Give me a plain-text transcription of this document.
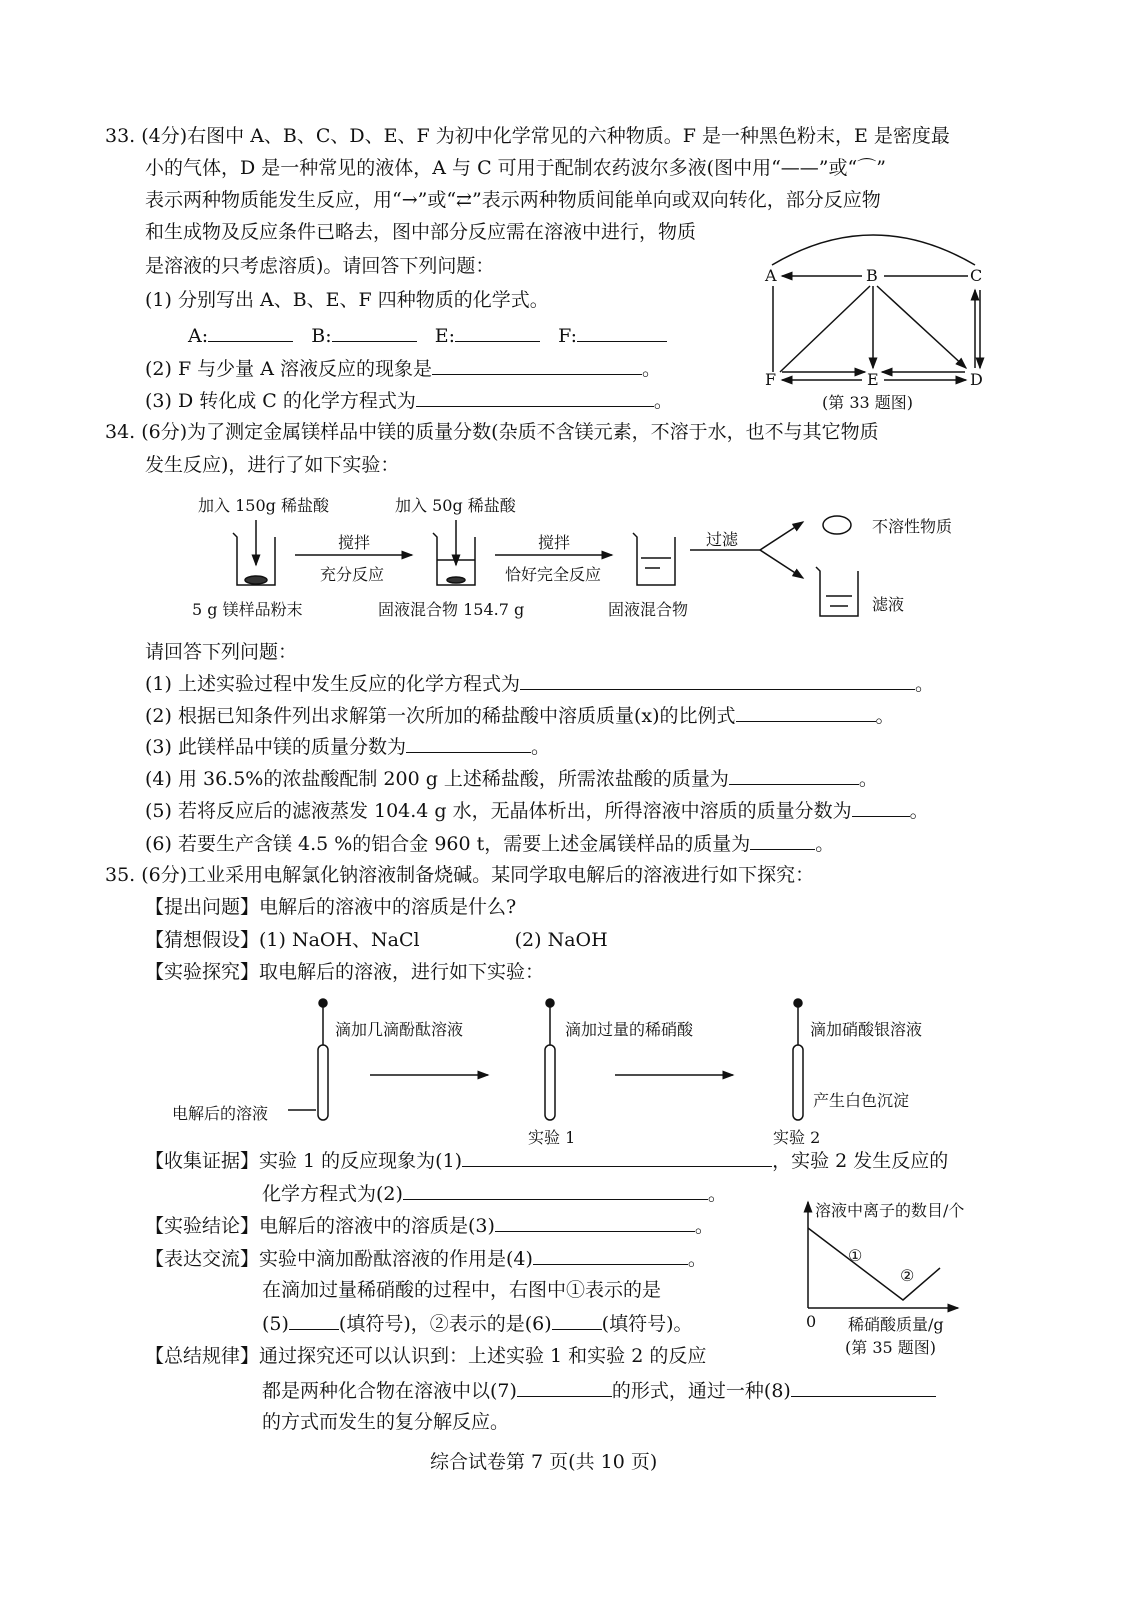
33. (4分)右图中 A、B、C、D、E、F 为初中化学常见的六种物质。F 是一种黑色粉末，E 是密度最
小的气体，D 是一种常见的液体，A 与 C 可用于配制农药波尔多液(图中用“——”或“⌒”
表示两种物质能发生反应，用“→”或“⇄”表示两种物质间能单向或双向转化，部分反应物
和生成物及反应条件已略去，图中部分反应需在溶液中进行，物质
是溶液的只考虑溶质)。请回答下列问题：
(1) 分别写出 A、B、E、F 四种物质的化学式。
A:	B:	E:	F:
(2) F 与少量 A 溶液反应的现象是	。
(3) D 转化成 C 的化学方程式为	。
A	B	C
D
E
F
(第 33 题图)
34. (6分)为了测定金属镁样品中镁的质量分数(杂质不含镁元素，不溶于水，也不与其它物质
发生反应)，进行了如下实验：
加入 150g 稀盐酸	加入 50g 稀盐酸
搅拌
充分反应
搅拌
恰好完全反应
过滤
不溶性物质
滤液
5 g 镁样品粉末	固液混合物 154.7 g	固液混合物
请回答下列问题：
(1) 上述实验过程中发生反应的化学方程式为	。
(2) 根据已知条件列出求解第一次所加的稀盐酸中溶质质量(x)的比例式	。
(3) 此镁样品中镁的质量分数为	。
(4) 用 36.5%的浓盐酸配制 200 g 上述稀盐酸，所需浓盐酸的质量为	。
(5) 若将反应后的滤液蒸发 104.4 g 水，无晶体析出，所得溶液中溶质的质量分数为	。
(6) 若要生产含镁 4.5 %的铝合金 960 t，需要上述金属镁样品的质量为	。
35. (6分)工业采用电解氯化钠溶液制备烧碱。某同学取电解后的溶液进行如下探究：
【提出问题】电解后的溶液中的溶质是什么?
【猜想假设】(1) NaOH、NaCl	(2) NaOH
【实验探究】取电解后的溶液，进行如下实验：
滴加几滴酚酞溶液	滴加过量的稀硝酸	滴加硝酸银溶液
电解后的溶液
实验 1	实验 2
产生白色沉淀
【收集证据】实验 1 的反应现象为(1)	，实验 2 发生反应的
化学方程式为(2)	。
【实验结论】电解后的溶液中的溶质是(3)	。
【表达交流】实验中滴加酚酞溶液的作用是(4)	。
在滴加过量稀硝酸的过程中，右图中①表示的是
(5)	(填符号)，②表示的是(6)	(填符号)。
【总结规律】通过探究还可以认识到：上述实验 1 和实验 2 的反应
都是两种化合物在溶液中以(7)	的形式，通过一种(8)
的方式而发生的复分解反应。
溶液中离子的数目/个
稀硝酸质量/g
0
①
②
(第 35 题图)
综合试卷第 7 页(共 10 页)
